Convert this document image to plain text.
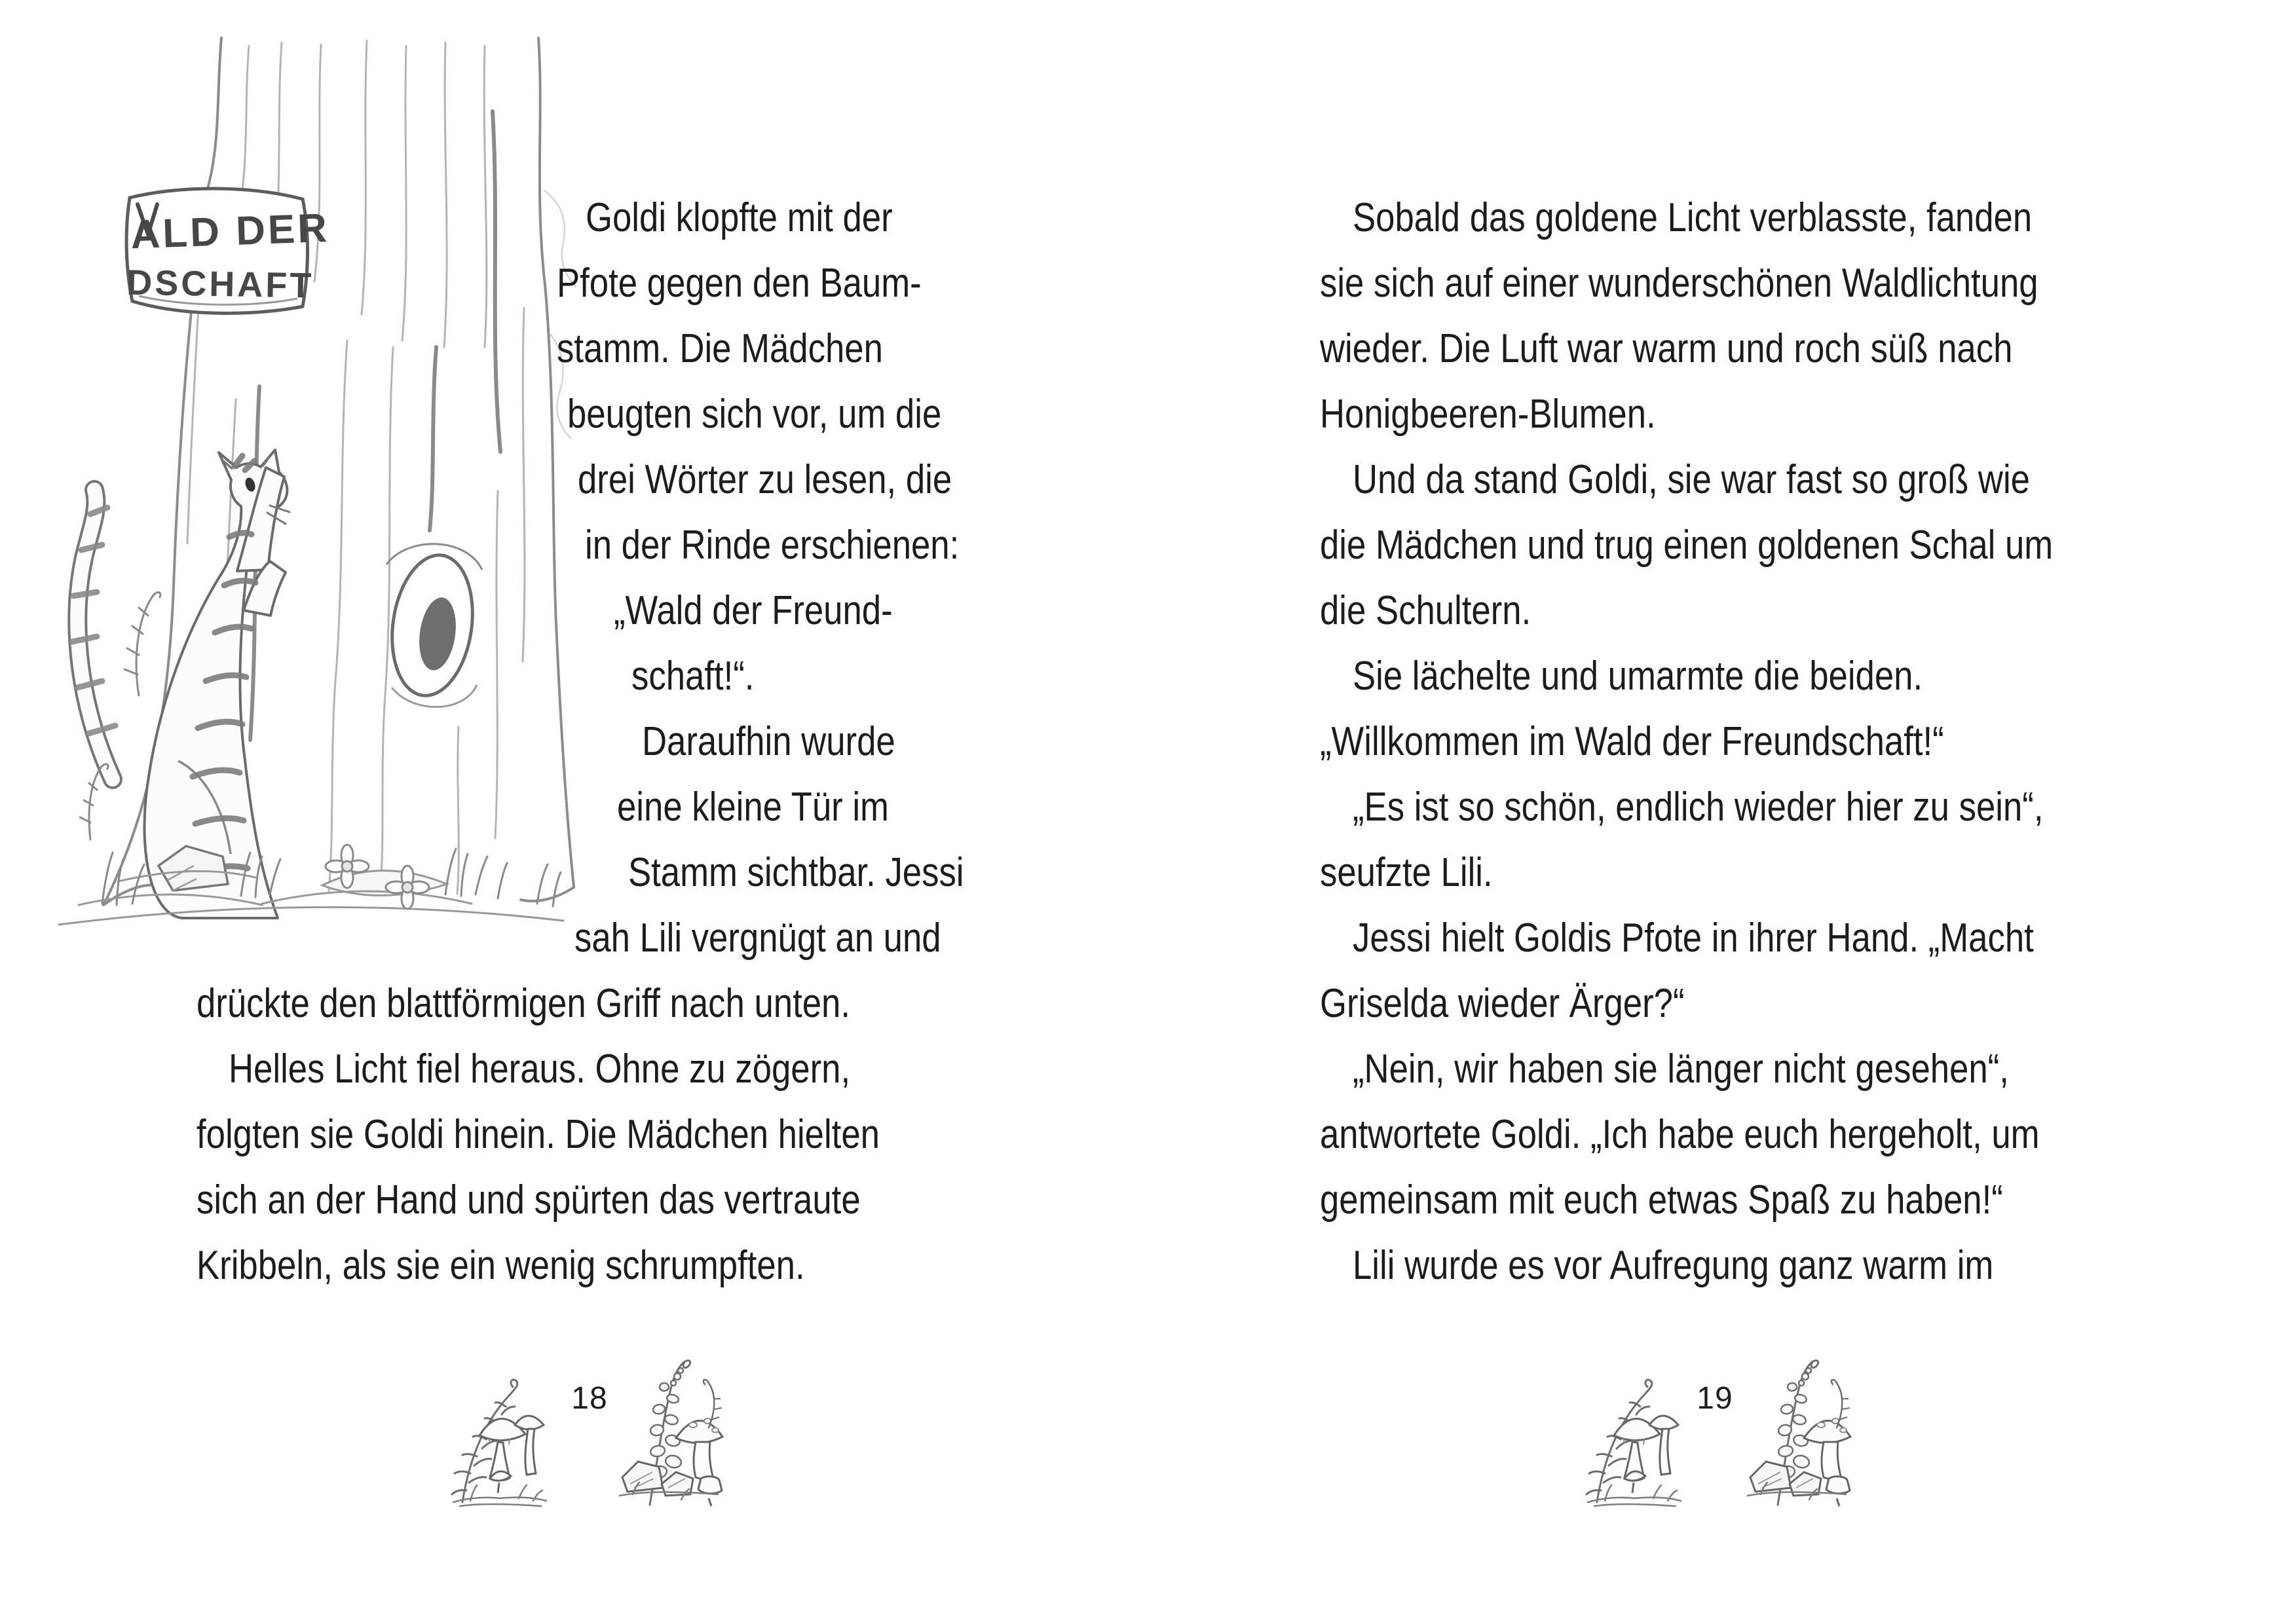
ALD DER
DSCHAFT
Goldi klopfte mit der
Pfote gegen den Baum-
stamm. Die Mädchen
beugten sich vor, um die
drei Wörter zu lesen, die
in der Rinde erschienen:
„Wald der Freund-
schaft!“.
Daraufhin wurde
eine kleine Tür im
Stamm sichtbar. Jessi
sah Lili vergnügt an und
drückte den blattförmigen Griff nach unten.
Helles Licht fiel heraus. Ohne zu zögern,
folgten sie Goldi hinein. Die Mädchen hielten
sich an der Hand und spürten das vertraute
Kribbeln, als sie ein wenig schrumpften.
Sobald das goldene Licht verblasste, fanden
sie sich auf einer wunderschönen Waldlichtung
wieder. Die Luft war warm und roch süß nach
Honigbeeren-Blumen.
Und da stand Goldi, sie war fast so groß wie
die Mädchen und trug einen goldenen Schal um
die Schultern.
Sie lächelte und umarmte die beiden.
„Willkommen im Wald der Freundschaft!“
„Es ist so schön, endlich wieder hier zu sein“,
seufzte Lili.
Jessi hielt Goldis Pfote in ihrer Hand. „Macht
Griselda wieder Ärger?“
„Nein, wir haben sie länger nicht gesehen“,
antwortete Goldi. „Ich habe euch hergeholt, um
gemeinsam mit euch etwas Spaß zu haben!“
Lili wurde es vor Aufregung ganz warm im
18	19
